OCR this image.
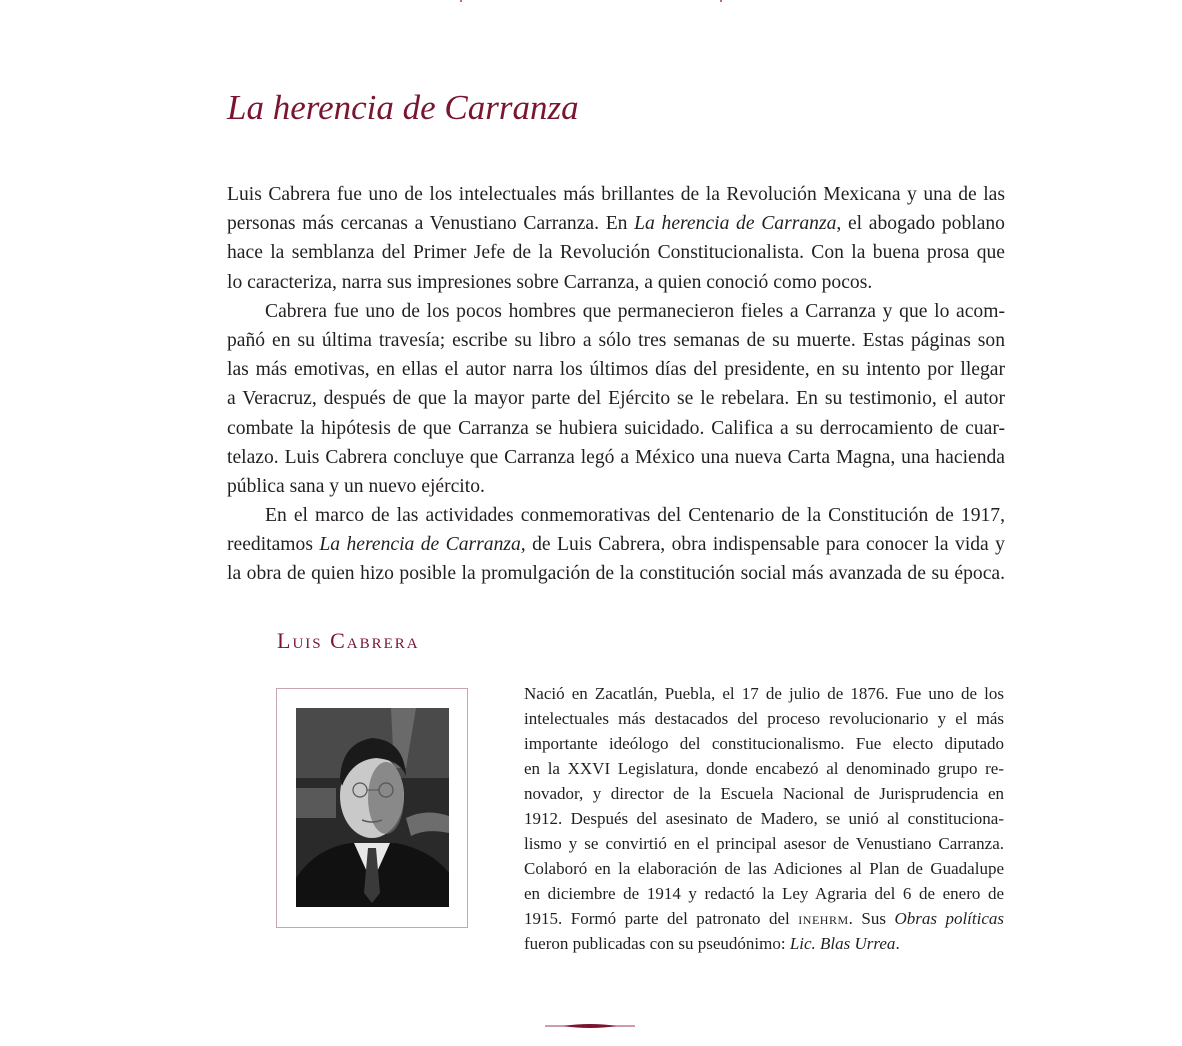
La herencia de Carranza
Luis Cabrera fue uno de los intelectuales más brillantes de la Revolución Mexicana y una de las
personas más cercanas a Venustiano Carranza. En La herencia de Carranza, el abogado poblano
hace la semblanza del Primer Jefe de la Revolución Constitucionalista. Con la buena prosa que
lo caracteriza, narra sus impresiones sobre Carranza, a quien conoció como pocos.
Cabrera fue uno de los pocos hombres que permanecieron fieles a Carranza y que lo acom-
pañó en su última travesía; escribe su libro a sólo tres semanas de su muerte. Estas páginas son
las más emotivas, en ellas el autor narra los últimos días del presidente, en su intento por llegar
a Veracruz, después de que la mayor parte del Ejército se le rebelara. En su testimonio, el autor
combate la hipótesis de que Carranza se hubiera suicidado. Califica a su derrocamiento de cuar-
telazo. Luis Cabrera concluye que Carranza legó a México una nueva Carta Magna, una hacienda
pública sana y un nuevo ejército.
En el marco de las actividades conmemorativas del Centenario de la Constitución de 1917,
reeditamos La herencia de Carranza, de Luis Cabrera, obra indispensable para conocer la vida y
la obra de quien hizo posible la promulgación de la constitución social más avanzada de su época.
Luis Cabrera
Nació en Zacatlán, Puebla, el 17 de julio de 1876. Fue uno de los
intelectuales más destacados del proceso revolucionario y el más
importante ideólogo del constitucionalismo. Fue electo diputado
en la XXVI Legislatura, donde encabezó al denominado grupo re-
novador, y director de la Escuela Nacional de Jurisprudencia en
1912. Después del asesinato de Madero, se unió al constituciona-
lismo y se convirtió en el principal asesor de Venustiano Carranza.
Colaboró en la elaboración de las Adiciones al Plan de Guadalupe
en diciembre de 1914 y redactó la Ley Agraria del 6 de enero de
1915. Formó parte del patronato del inehrm. Sus Obras políticas
fueron publicadas con su pseudónimo: Lic. Blas Urrea.
